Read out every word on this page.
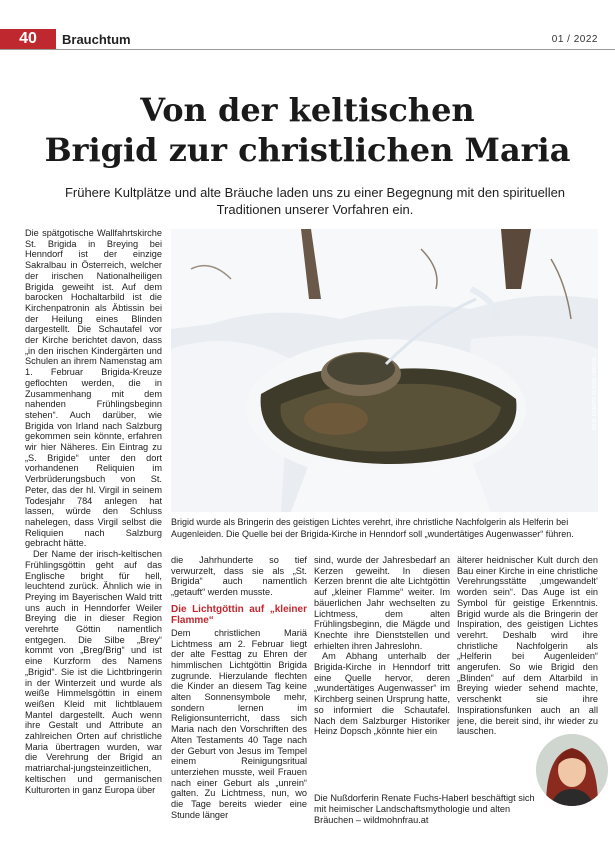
40	Brauchtum	01 / 2022
Von der keltischen
Brigid zur christlichen Maria
Frühere Kultplätze und alte Bräuche laden uns zu einer Begegnung mit den spirituellen Traditionen unserer Vorfahren ein.

Die spätgotische Wallfahrtskirche St. Brigida in Breying bei Henndorf ist der einzige Sakralbau in Österreich, welcher der irischen Nationalheiligen Brigida geweiht ist. Auf dem barocken Hochaltarbild ist die Kirchenpatronin als Äbtissin bei der Heilung eines Blinden dargestellt. Die Schautafel vor der Kirche berichtet davon, dass „in den irischen Kindergärten und Schulen an ihrem Namenstag am 1. Februar Brigida-Kreuze geflochten werden, die in Zusammenhang mit dem nahenden Frühlingsbeginn stehen“. Auch darüber, wie Brigida von Irland nach Salzburg gekommen sein könnte, erfahren wir hier Näheres. Ein Eintrag zu „S. Brigide“ unter den dort vorhandenen Reliquien im Verbrüderungsbuch von St. Peter, das der hl. Virgil in seinem Todesjahr 784 anlegen hat lassen, würde den Schluss nahelegen, dass Virgil selbst die Reliquien nach Salzburg gebracht hätte.

Der Name der irisch-keltischen Frühlingsgöttin geht auf das Englische bright für hell, leuchtend zurück. Ähnlich wie in Preying im Bayerischen Wald tritt uns auch in Henndorfer Weiler Breying die in dieser Region verehrte Göttin namentlich entgegen. Die Silbe „Brey“ kommt von „Breg/Brig“ und ist eine Kurzform des Namens „Brigid“. Sie ist die Lichtbringerin in der Winterzeit und wurde als weiße Himmelsgöttin in einem weißen Kleid mit lichtblauem Mantel dargestellt. Auch wenn ihre Gestalt und Attribute an zahlreichen Orten auf christliche Maria übertragen wurden, war die Verehrung der Brigid an matriarchal-jungsteinzeitlichen, keltischen und germanischen Kulturorten in ganz Europa über

BILD: RENATE FUCHS-HABERL
Brigid wurde als Bringerin des geistigen Lichtes verehrt, ihre christliche Nachfolgerin als Helferin bei Augenleiden. Die Quelle bei der Brigida-Kirche in Henndorf soll „wundertätiges Augenwasser“ führen.

die Jahrhunderte so tief verwurzelt, dass sie als „St. Brigida“ auch namentlich „getauft“ werden musste.

Die Lichtgöttin auf „kleiner Flamme“

Dem christlichen Mariä Lichtmess am 2. Februar liegt der alte Festtag zu Ehren der himmlischen Lichtgöttin Brigida zugrunde. Hierzulande flechten die Kinder an diesem Tag keine alten Sonnensymbole mehr, sondern lernen im Religionsunterricht, dass sich Maria nach den Vorschriften des Alten Testaments 40 Tage nach der Geburt von Jesus im Tempel einem Reinigungsritual unterziehen musste, weil Frauen nach einer Geburt als „unrein“ galten. Zu Lichtmess, nun, wo die Tage bereits wieder eine Stunde länger

sind, wurde der Jahresbedarf an Kerzen geweiht. In diesen Kerzen brennt die alte Lichtgöttin auf „kleiner Flamme“ weiter. Im bäuerlichen Jahr wechselten zu Lichtmess, dem alten Frühlingsbeginn, die Mägde und Knechte ihre Dienststellen und erhielten ihren Jahreslohn.

Am Abhang unterhalb der Brigida-Kirche in Henndorf tritt eine Quelle hervor, deren „wundertätiges Augenwasser“ im Kirchberg seinen Ursprung hatte, so informiert die Schautafel. Nach dem Salzburger Historiker Heinz Dopsch „könnte hier ein

älterer heidnischer Kult durch den Bau einer Kirche in eine christliche Verehrungsstätte ‚umgewandelt‘ worden sein“. Das Auge ist ein Symbol für geistige Erkenntnis. Brigid wurde als die Bringerin der Inspiration, des geistigen Lichtes verehrt. Deshalb wird ihre christliche Nachfolgerin als „Helferin bei Augenleiden“ angerufen. So wie Brigid den „Blinden“ auf dem Altarbild in Breying wieder sehend machte, verschenkt sie ihre Inspirationsfunken auch an all jene, die bereit sind, ihr wieder zu lauschen.

Die Nußdorferin Renate Fuchs-Haberl beschäftigt sich mit heimischer Landschaftsmythologie und alten Bräuchen – wildmohnfrau.at
